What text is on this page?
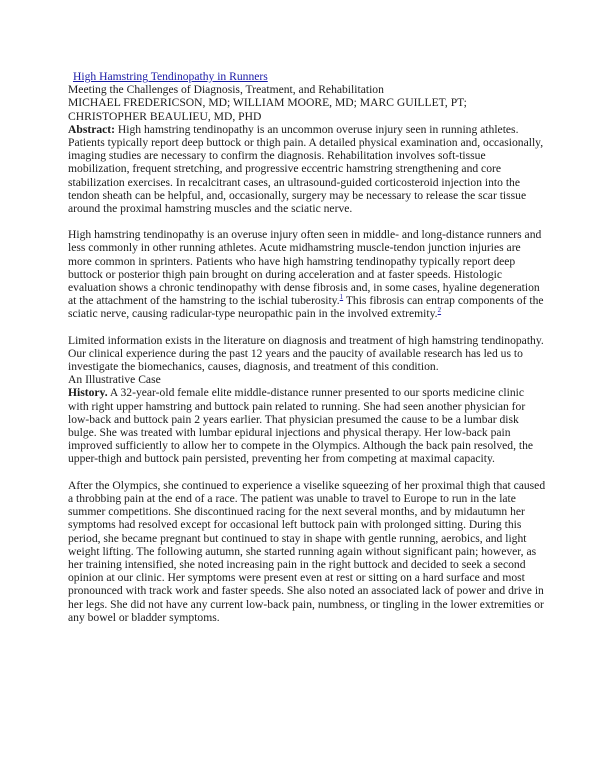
High Hamstring Tendinopathy in Runners
Meeting the Challenges of Diagnosis, Treatment, and Rehabilitation
MICHAEL FREDERICSON, MD; WILLIAM MOORE, MD; MARC GUILLET, PT;
CHRISTOPHER BEAULIEU, MD, PHD

Abstract: High hamstring tendinopathy is an uncommon overuse injury seen in running athletes. Patients typically report deep buttock or thigh pain. A detailed physical examination and, occasionally, imaging studies are necessary to confirm the diagnosis. Rehabilitation involves soft-tissue mobilization, frequent stretching, and progressive eccentric hamstring strengthening and core stabilization exercises. In recalcitrant cases, an ultrasound-guided corticosteroid injection into the tendon sheath can be helpful, and, occasionally, surgery may be necessary to release the scar tissue around the proximal hamstring muscles and the sciatic nerve.

High hamstring tendinopathy is an overuse injury often seen in middle- and long-distance runners and less commonly in other running athletes. Acute midhamstring muscle-tendon junction injuries are more common in sprinters. Patients who have high hamstring tendinopathy typically report deep buttock or posterior thigh pain brought on during acceleration and at faster speeds. Histologic evaluation shows a chronic tendinopathy with dense fibrosis and, in some cases, hyaline degeneration at the attachment of the hamstring to the ischial tuberosity.$^1$ This fibrosis can entrap components of the sciatic nerve, causing radicular-type neuropathic pain in the involved extremity.$^2$

Limited information exists in the literature on diagnosis and treatment of high hamstring tendinopathy. Our clinical experience during the past 12 years and the paucity of available research has led us to investigate the biomechanics, causes, diagnosis, and treatment of this condition.

An Illustrative Case

History. A 32-year-old female elite middle-distance runner presented to our sports medicine clinic with right upper hamstring and buttock pain related to running. She had seen another physician for low-back and buttock pain 2 years earlier. That physician presumed the cause to be a lumbar disk bulge. She was treated with lumbar epidural injections and physical therapy. Her low-back pain improved sufficiently to allow her to compete in the Olympics. Although the back pain resolved, the upper-thigh and buttock pain persisted, preventing her from competing at maximal capacity.

After the Olympics, she continued to experience a viselike squeezing of her proximal thigh that caused a throbbing pain at the end of a race. The patient was unable to travel to Europe to run in the late summer competitions. She discontinued racing for the next several months, and by midautumn her symptoms had resolved except for occasional left buttock pain with prolonged sitting. During this period, she became pregnant but continued to stay in shape with gentle running, aerobics, and light weight lifting. The following autumn, she started running again without significant pain; however, as her training intensified, she noted increasing pain in the right buttock and decided to seek a second opinion at our clinic. Her symptoms were present even at rest or sitting on a hard surface and most pronounced with track work and faster speeds. She also noted an associated lack of power and drive in her legs. She did not have any current low-back pain, numbness, or tingling in the lower extremities or any bowel or bladder symptoms.
